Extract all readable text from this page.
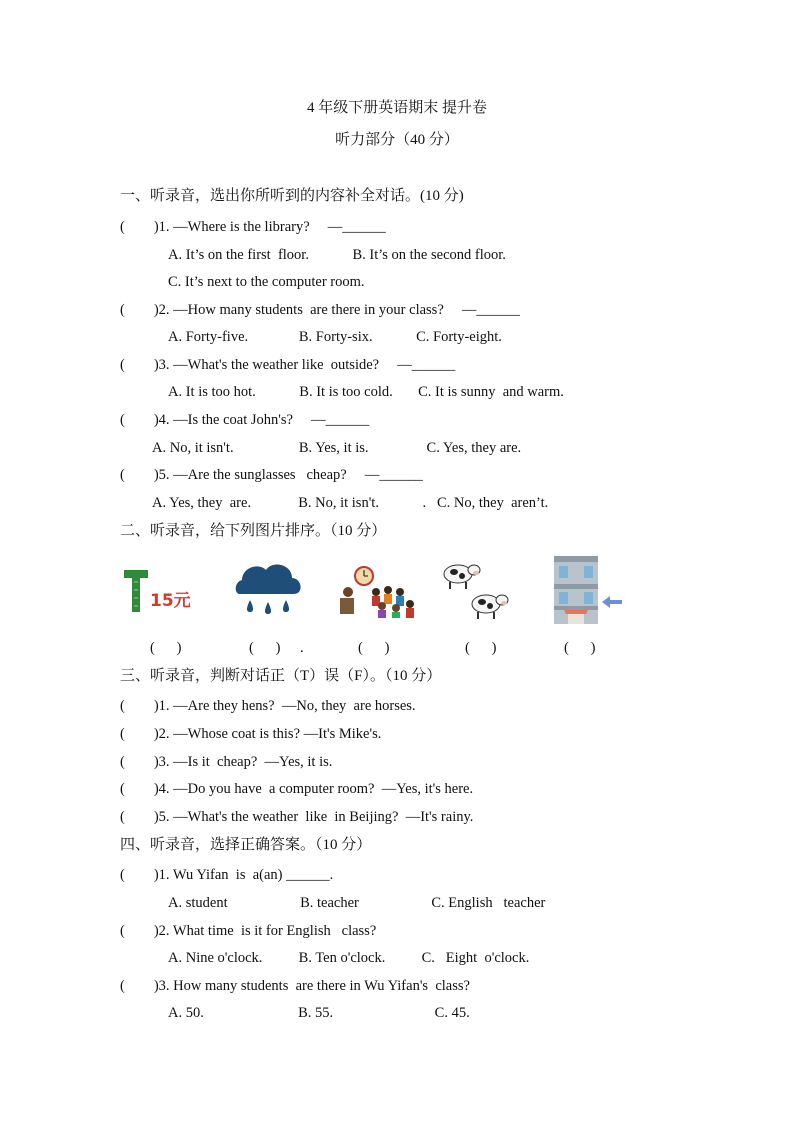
4 年级下册英语期末 提升卷
听力部分（40 分）
一、听录音，选出你所听到的内容补全对话。(10 分)
(        )1. —Where is the library?     —______
A. It’s on the first  floor.            B. It’s on the second floor.
C. It’s next to the computer room.
(        )2. —How many students  are there in your class?     —______
A. Forty-five.              B. Forty-six.            C. Forty-eight.
(        )3. —What's the weather like  outside?     —______
A. It is too hot.            B. It is too cold.       C. It is sunny  and warm.
(        )4. —Is the coat John's?     —______
A. No, it isn't.                  B. Yes, it is.                C. Yes, they are.
(        )5. —Are the sunglasses   cheap?     —______
A. Yes, they  are.             B. No, it isn't.            .   C. No, they  aren’t.
二、听录音，给下列图片排序。（10 分）
15元
(      )	(      ) .	(      )	(      )	(      )
三、听录音，判断对话正（T）误（F）。（10 分）
(        )1. —Are they hens?  —No, they  are horses.
(        )2. —Whose coat is this? —It's Mike's.
(        )3. —Is it  cheap?  —Yes, it is.
(        )4. —Do you have  a computer room?  —Yes, it's here.
(        )5. —What's the weather  like  in Beijing?  —It's rainy.
四、听录音，选择正确答案。（10 分）
(        )1. Wu Yifan  is  a(an) ______.
A. student                    B. teacher                    C. English   teacher
(        )2. What time  is it for English   class?
A. Nine o'clock.          B. Ten o'clock.          C.   Eight  o'clock.
(        )3. How many students  are there in Wu Yifan's  class?
A. 50.                          B. 55.                            C. 45.
